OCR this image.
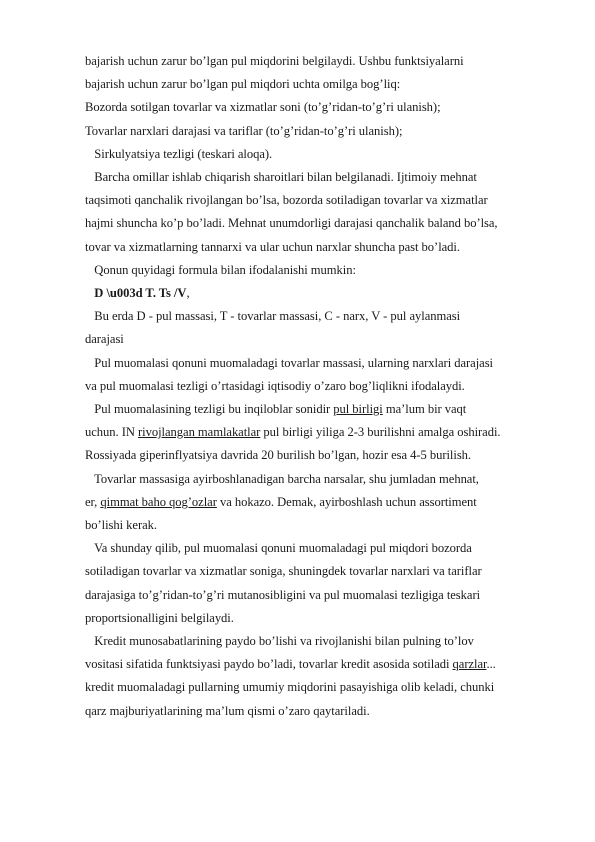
bajarish uchun zarur bo’lgan pul miqdorini belgilaydi. Ushbu funktsiyalarni
bajarish uchun zarur bo’lgan pul miqdori uchta omilga bog’liq:
Bozorda sotilgan tovarlar va xizmatlar soni (to’g’ridan-to’g’ri ulanish);
Tovarlar narxlari darajasi va tariflar (to’g’ridan-to’g’ri ulanish);
Sirkulyatsiya tezligi (teskari aloqa).
Barcha omillar ishlab chiqarish sharoitlari bilan belgilanadi. Ijtimoiy mehnat
taqsimoti qanchalik rivojlangan bo’lsa, bozorda sotiladigan tovarlar va xizmatlar
hajmi shuncha ko’p bo’ladi. Mehnat unumdorligi darajasi qanchalik baland bo’lsa,
tovar va xizmatlarning tannarxi va ular uchun narxlar shuncha past bo’ladi.
Qonun quyidagi formula bilan ifodalanishi mumkin:
D \u003d T. Ts /V,
Bu erda D - pul massasi, T - tovarlar massasi, C - narx, V - pul aylanmasi
darajasi
Pul muomalasi qonuni muomaladagi tovarlar massasi, ularning narxlari darajasi
va pul muomalasi tezligi o’rtasidagi iqtisodiy o’zaro bog’liqlikni ifodalaydi.
Pul muomalasining tezligi bu inqiloblar sonidir pul birligi ma’lum bir vaqt
uchun. IN rivojlangan mamlakatlar pul birligi yiliga 2-3 burilishni amalga oshiradi.
Rossiyada giperinflyatsiya davrida 20 burilish bo’lgan, hozir esa 4-5 burilish.
Tovarlar massasiga ayirboshlanadigan barcha narsalar, shu jumladan mehnat,
er, qimmat baho qog’ozlar va hokazo. Demak, ayirboshlash uchun assortiment
bo’lishi kerak.
Va shunday qilib, pul muomalasi qonuni muomaladagi pul miqdori bozorda
sotiladigan tovarlar va xizmatlar soniga, shuningdek tovarlar narxlari va tariflar
darajasiga to’g’ridan-to’g’ri mutanosibligini va pul muomalasi tezligiga teskari
proportsionalligini belgilaydi.
Kredit munosabatlarining paydo bo’lishi va rivojlanishi bilan pulning to’lov
vositasi sifatida funktsiyasi paydo bo’ladi, tovarlar kredit asosida sotiladi qarzlar...
kredit muomaladagi pullarning umumiy miqdorini pasayishiga olib keladi, chunki
qarz majburiyatlarining ma’lum qismi o’zaro qaytariladi.
